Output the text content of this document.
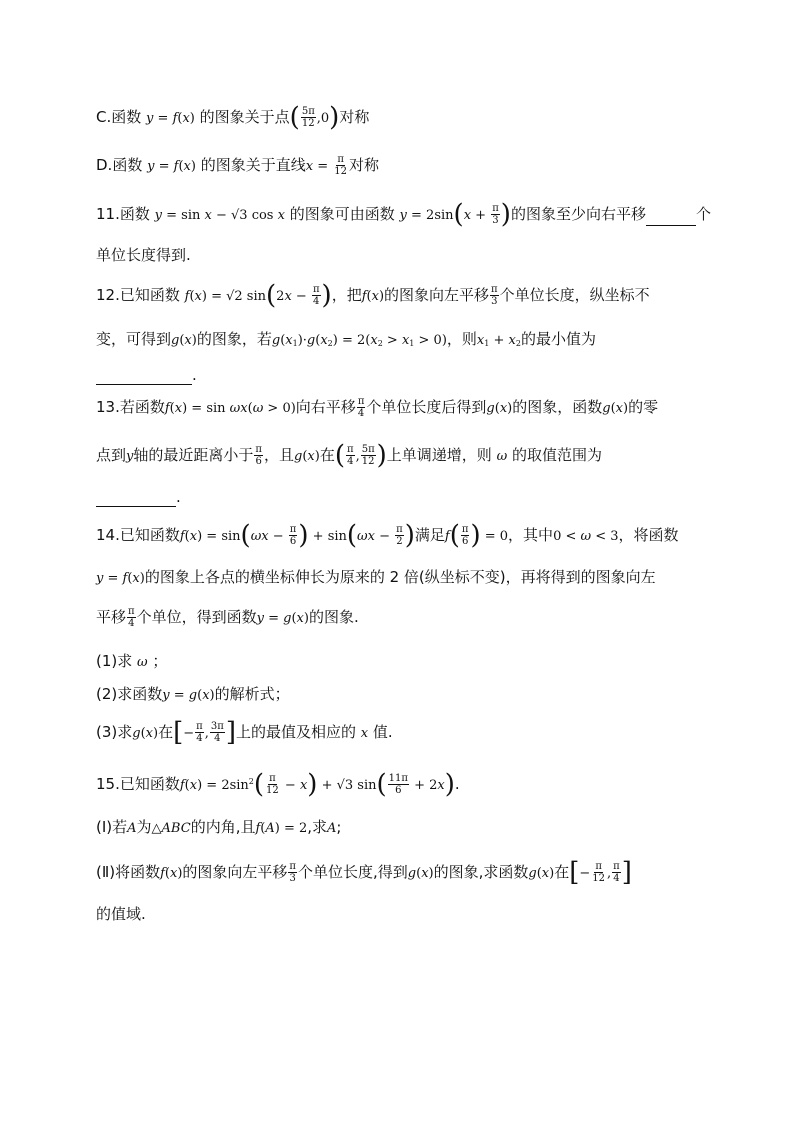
C.函数 y = f(x) 的图象关于点( $\frac{5\pi}{12} ,0$)对称
D.函数 y = f(x) 的图象关于直线$x = \frac{\pi}{12}$ 对称
11.函数 y = sin x − √3 cos x 的图象可由函数 $y = 2\sin(x + \frac{\pi}{3}$ )的图象至少向右平移	个
单位长度得到.
12.已知函数 f(x) = √2 $\sin(2x - \frac{\pi}{4}$ )，把f(x)的图象向左平移 $\frac{\pi}{3}$ 个单位长度，纵坐标不
变，可得到g(x)的图象，若$g(x_1)\cdot g(x_2) = 2(x_2 > x_1 > 0)$，则$x_1 + x_2$的最小值为
.
13.若函数f(x) = sin ωx(ω > 0)向右平移 $\frac{\pi}{4}$ 个单位长度后得到g(x)的图象，函数g(x)的零
点到y轴的最近距离小于 $\frac{\pi}{6}$ ，且g(x)在( $\frac{\pi}{4}$ , $\frac{5\pi}{12}$ )上单调递增，则 ω 的取值范围为
.
14.已知函数$f(x) = \sin(\omega x - \frac{\pi}{6}$ ) + $\sin(\omega x - \frac{\pi}{2}$ )满足$f( \frac{\pi}{6}$ ) = 0，其中0 < ω < 3，将函数
y = f(x)的图象上各点的横坐标伸长为原来的 2 倍(纵坐标不变)，再将得到的图象向左
平移 $\frac{\pi}{4}$ 个单位，得到函数y = g(x)的图象.
(1)求 ω ；
(2)求函数y = g(x)的解析式；
(3)求g(x)在[− $\frac{\pi}{4}$ , $\frac{3\pi}{4}$ ]上的最值及相应的 x 值.
15.已知函数$f(x) = 2\sin^2( \frac{\pi}{12} - x) + √3$ $\sin( \frac{11\pi}{6} + 2x)$.
(I)若A为△ABC的内角,且f(A) = 2,求A;
(Ⅱ)将函数f(x)的图象向左平移 $\frac{\pi}{3}$ 个单位长度,得到g(x)的图象,求函数g(x)在[− $\frac{\pi}{12}$ , $\frac{\pi}{4}$ ]
的值域.
